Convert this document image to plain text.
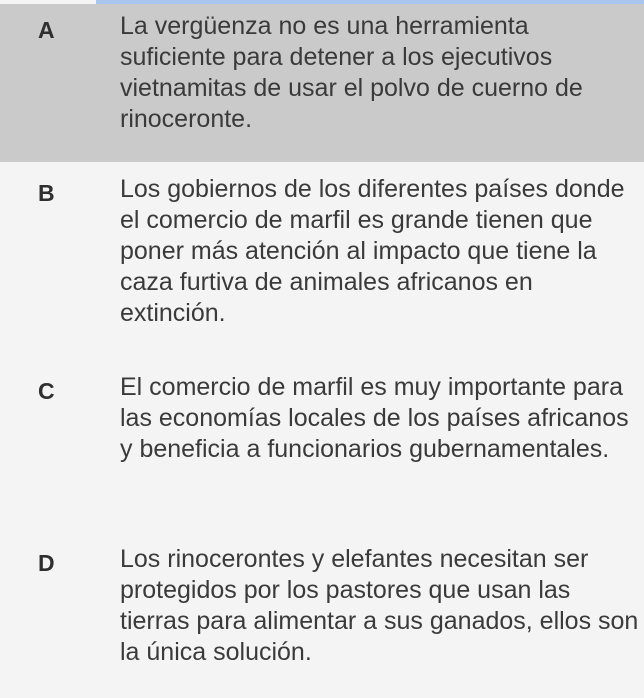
A	La vergüenza no es una herramienta suficiente para detener a los ejecutivos vietnamitas de usar el polvo de cuerno de rinoceronte.
B	Los gobiernos de los diferentes países donde el comercio de marfil es grande tienen que poner más atención al impacto que tiene la caza furtiva de animales africanos en extinción.
C	El comercio de marfil es muy importante para las economías locales de los países africanos y beneficia a funcionarios gubernamentales.
D	Los rinocerontes y elefantes necesitan ser protegidos por los pastores que usan las tierras para alimentar a sus ganados, ellos son la única solución.
